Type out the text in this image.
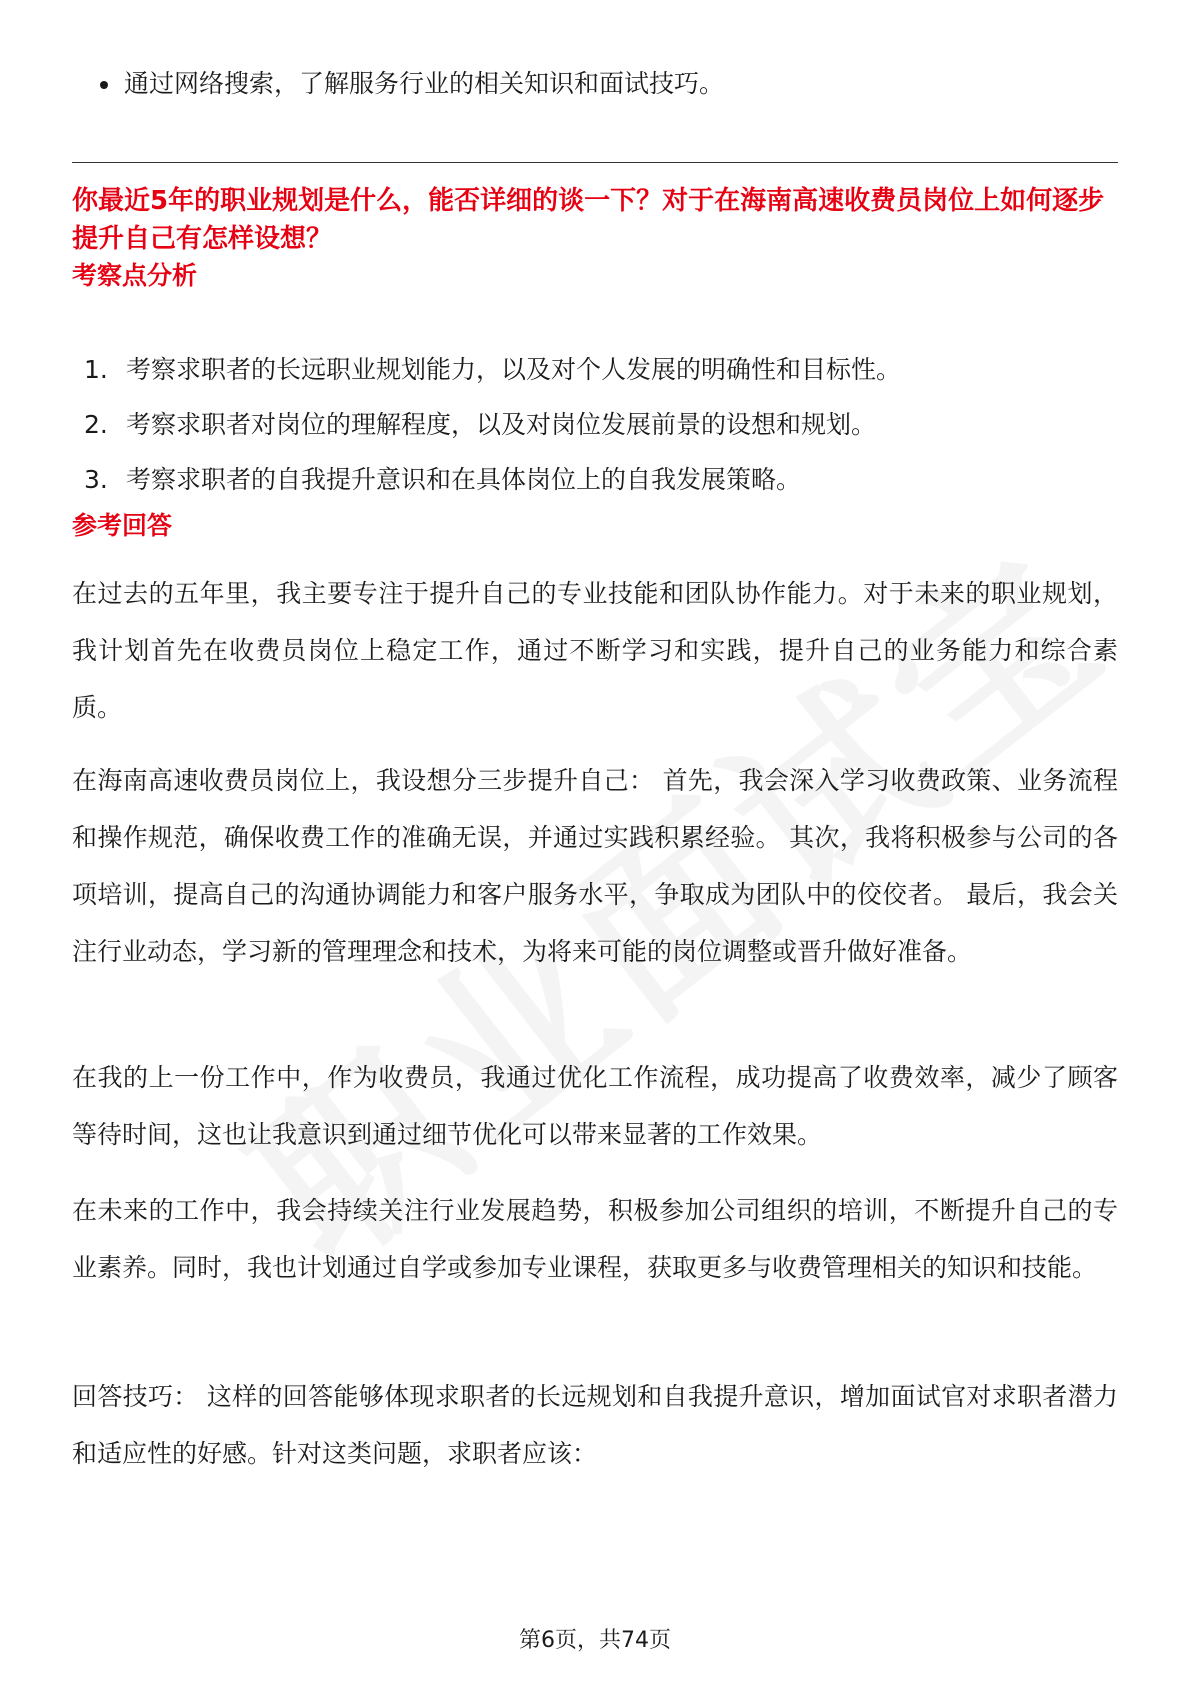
通过网络搜索，了解服务行业的相关知识和面试技巧。

你最近5年的职业规划是什么，能否详细的谈一下？对于在海南高速收费员岗位上如何逐步提升自己有怎样设想？

考察点分析
1. 考察求职者的长远职业规划能力，以及对个人发展的明确性和目标性。
2. 考察求职者对岗位的理解程度，以及对岗位发展前景的设想和规划。
3. 考察求职者的自我提升意识和在具体岗位上的自我发展策略。
参考回答

在过去的五年里，我主要专注于提升自己的专业技能和团队协作能力。对于未来的职业规划，我计划首先在收费员岗位上稳定工作，通过不断学习和实践，提升自己的业务能力和综合素质。

在海南高速收费员岗位上，我设想分三步提升自己： 首先，我会深入学习收费政策、业务流程和操作规范，确保收费工作的准确无误，并通过实践积累经验。 其次，我将积极参与公司的各项培训，提高自己的沟通协调能力和客户服务水平，争取成为团队中的佼佼者。 最后，我会关注行业动态，学习新的管理理念和技术，为将来可能的岗位调整或晋升做好准备。

在我的上一份工作中，作为收费员，我通过优化工作流程，成功提高了收费效率，减少了顾客等待时间，这也让我意识到通过细节优化可以带来显著的工作效果。

在未来的工作中，我会持续关注行业发展趋势，积极参加公司组织的培训，不断提升自己的专业素养。同时，我也计划通过自学或参加专业课程，获取更多与收费管理相关的知识和技能。

回答技巧： 这样的回答能够体现求职者的长远规划和自我提升意识，增加面试官对求职者潜力和适应性的好感。针对这类问题，求职者应该：

第6页，共74页
